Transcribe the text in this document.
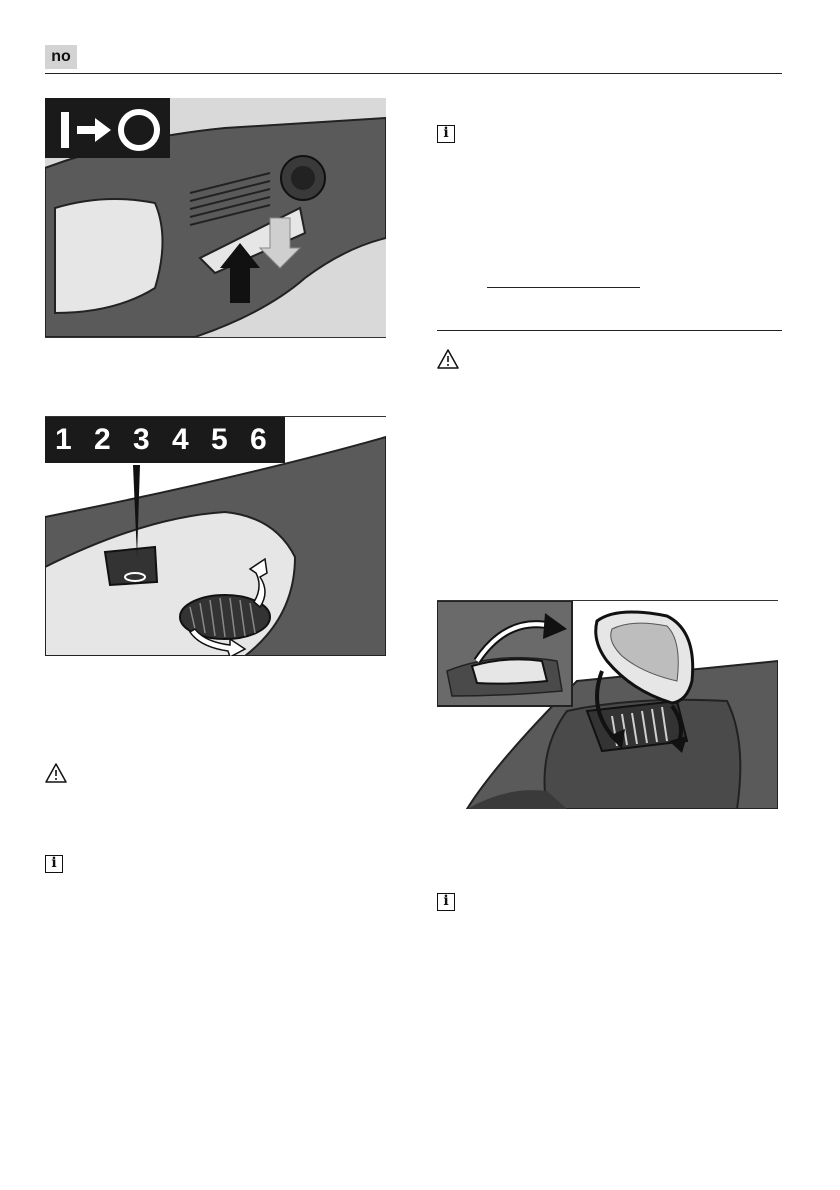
no
1 2 3 4 5 6
i
i
i
